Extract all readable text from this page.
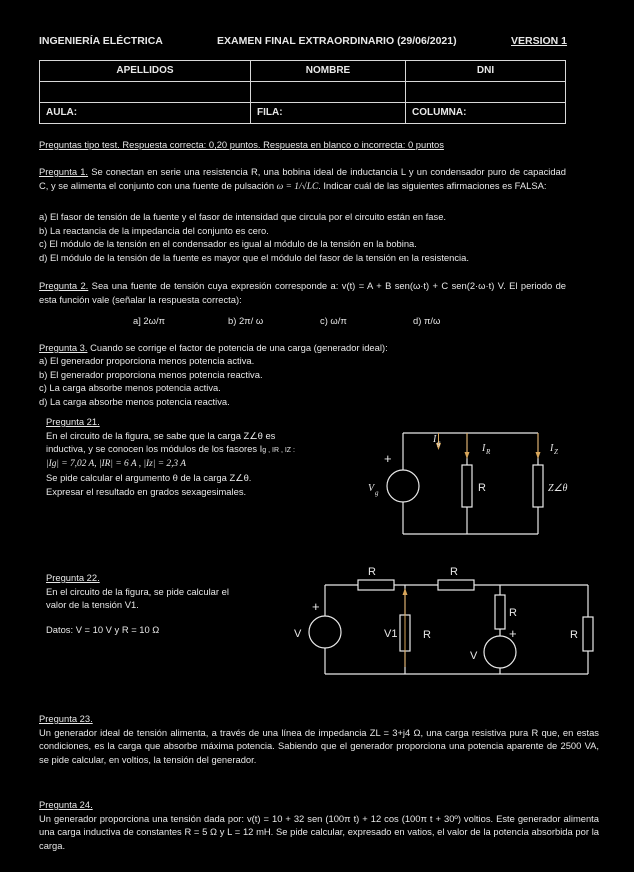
INGENIERÍA ELÉCTRICA	EXAMEN FINAL EXTRAORDINARIO (29/06/2021)	VERSION 1
APELLIDOS	NOMBRE	DNI

AULA:	FILA:	COLUMNA:
Preguntas tipo test. Respuesta correcta: 0,20 puntos. Respuesta en blanco o incorrecta: 0 puntos
Pregunta 1. Se conectan en serie una resistencia R, una bobina ideal de inductancia L y un condensador puro de capacidad C, y se alimenta el conjunto con una fuente de pulsación ω = 1/√LC. Indicar cuál de las siguientes afirmaciones es FALSA:

a) El fasor de tensión de la fuente y el fasor de intensidad que circula por el circuito están en fase.

b) La reactancia de la impedancia del conjunto es cero.

c) El módulo de la tensión en el condensador es igual al módulo de la tensión en la bobina.

d) El módulo de la tensión de la fuente es mayor que el módulo del fasor de la tensión en la resistencia.

Pregunta 2. Sea una fuente de tensión cuya expresión corresponde a: v(t) = A + B sen(ω·t) + C sen(2·ω·t) V. El periodo de esta función vale (señalar la respuesta correcta):
a] 2ω/π	b) 2π/ ω	c) ω/π	d) π/ω
Pregunta 3. Cuando se corrige el factor de potencia de una carga (generador ideal):

a) El generador proporciona menos potencia activa.

b) El generador proporciona menos potencia reactiva.

c) La carga absorbe menos potencia activa.

d) La carga absorbe menos potencia reactiva.

Pregunta 21.

En el circuito de la figura, se sabe que la carga Z∠θ es

inductiva, y se conocen los módulos de los fasores Ig , IR , IZ :

|Ig| = 7,02 A, |IR| = 6 A , |Iz| = 2,3 A

Se pide calcular el argumento θ de la carga Z∠θ.

Expresar el resultado en grados sexagesimales.

+
V g
I g	I R	I Z
R	Z∠θ

Pregunta 22.

En el circuito de la figura, se pide calcular el

valor de la tensión V1.

Datos: V = 10 V y R = 10 Ω

R	R
R
R	R
V
V
V1
+
+

Pregunta 23.

Un generador ideal de tensión alimenta, a través de una línea de impedancia ZL = 3+j4 Ω, una carga resistiva pura R que, en estas condiciones, es la carga que absorbe máxima potencia. Sabiendo que el generador proporciona una potencia aparente de 2500 VA, se pide calcular, en voltios, la tensión del generador.

Pregunta 24.

Un generador proporciona una tensión dada por: v(t) = 10 + 32 sen (100π t) + 12 cos (100π t + 30º) voltios. Este generador alimenta una carga inductiva de constantes R = 5 Ω y L = 12 mH. Se pide calcular, expresado en vatios, el valor de la potencia absorbida por la carga.
